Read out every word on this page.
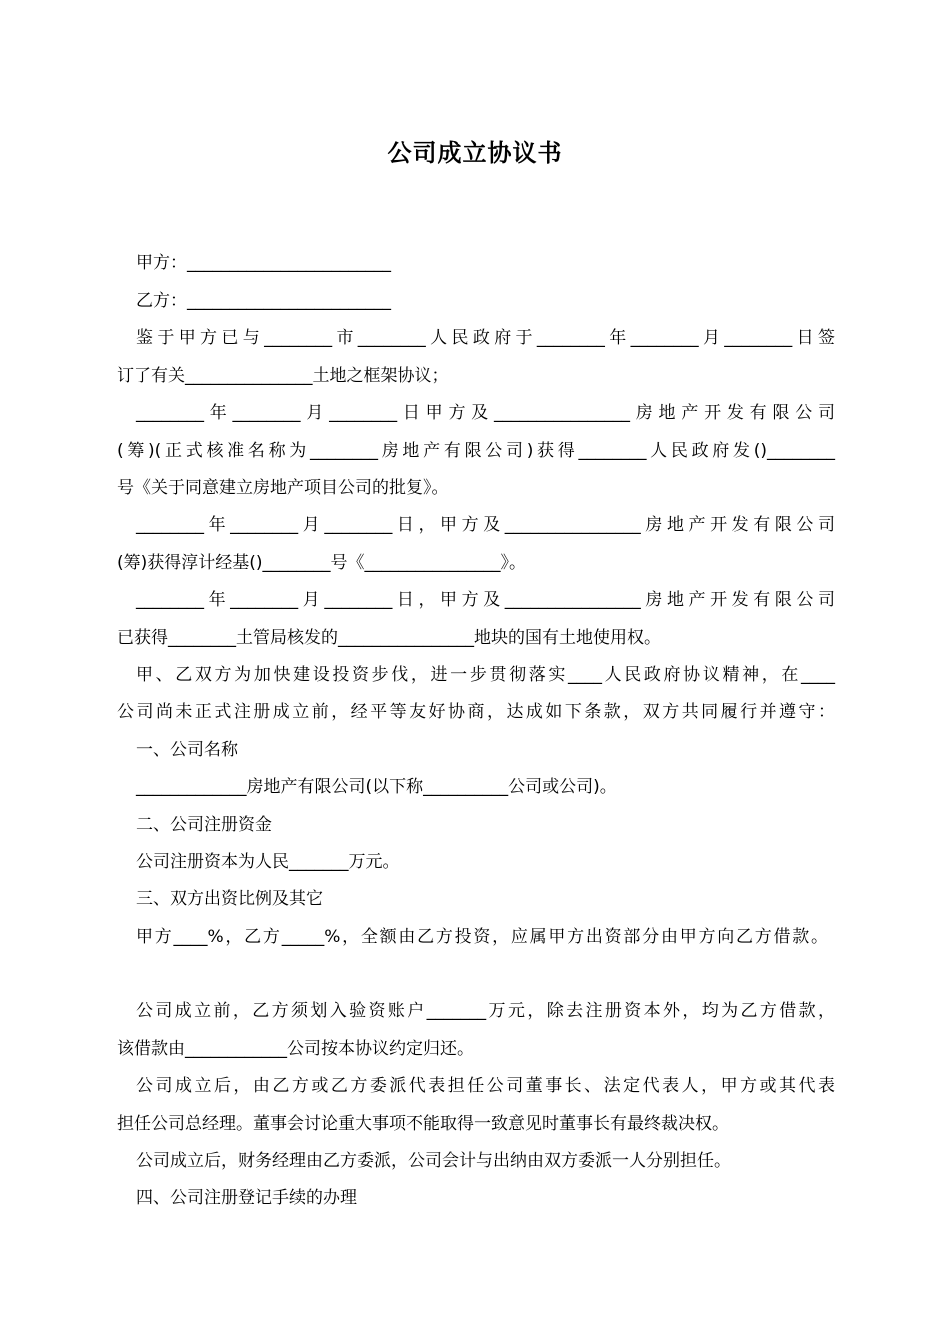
公司成立协议书
甲方：________________________
乙方：________________________
鉴于甲方已与________市________人民政府于________年________月________日签
订了有关_______________土地之框架协议；
________年________月________日甲方及________________房地产开发有限公司
(筹)(正式核准名称为________房地产有限公司)获得________人民政府发()________
号《关于同意建立房地产项目公司的批复》。
________年________月________日，甲方及________________房地产开发有限公司
(筹)获得淳计经基()________号《________________》。
________年________月________日，甲方及________________房地产开发有限公司
已获得________土管局核发的________________地块的国有土地使用权。
甲、乙双方为加快建设投资步伐，进一步贯彻落实____人民政府协议精神，在____
公司尚未正式注册成立前，经平等友好协商，达成如下条款，双方共同履行并遵守：
一、公司名称
_____________房地产有限公司(以下称__________公司或公司)。
二、公司注册资金
公司注册资本为人民_______万元。
三、双方出资比例及其它
甲方____%，乙方_____%，全额由乙方投资，应属甲方出资部分由甲方向乙方借款。
公司成立前，乙方须划入验资账户_______万元，除去注册资本外，均为乙方借款，
该借款由____________公司按本协议约定归还。
公司成立后，由乙方或乙方委派代表担任公司董事长、法定代表人，甲方或其代表
担任公司总经理。董事会讨论重大事项不能取得一致意见时董事长有最终裁决权。
公司成立后，财务经理由乙方委派，公司会计与出纳由双方委派一人分别担任。
四、公司注册登记手续的办理
